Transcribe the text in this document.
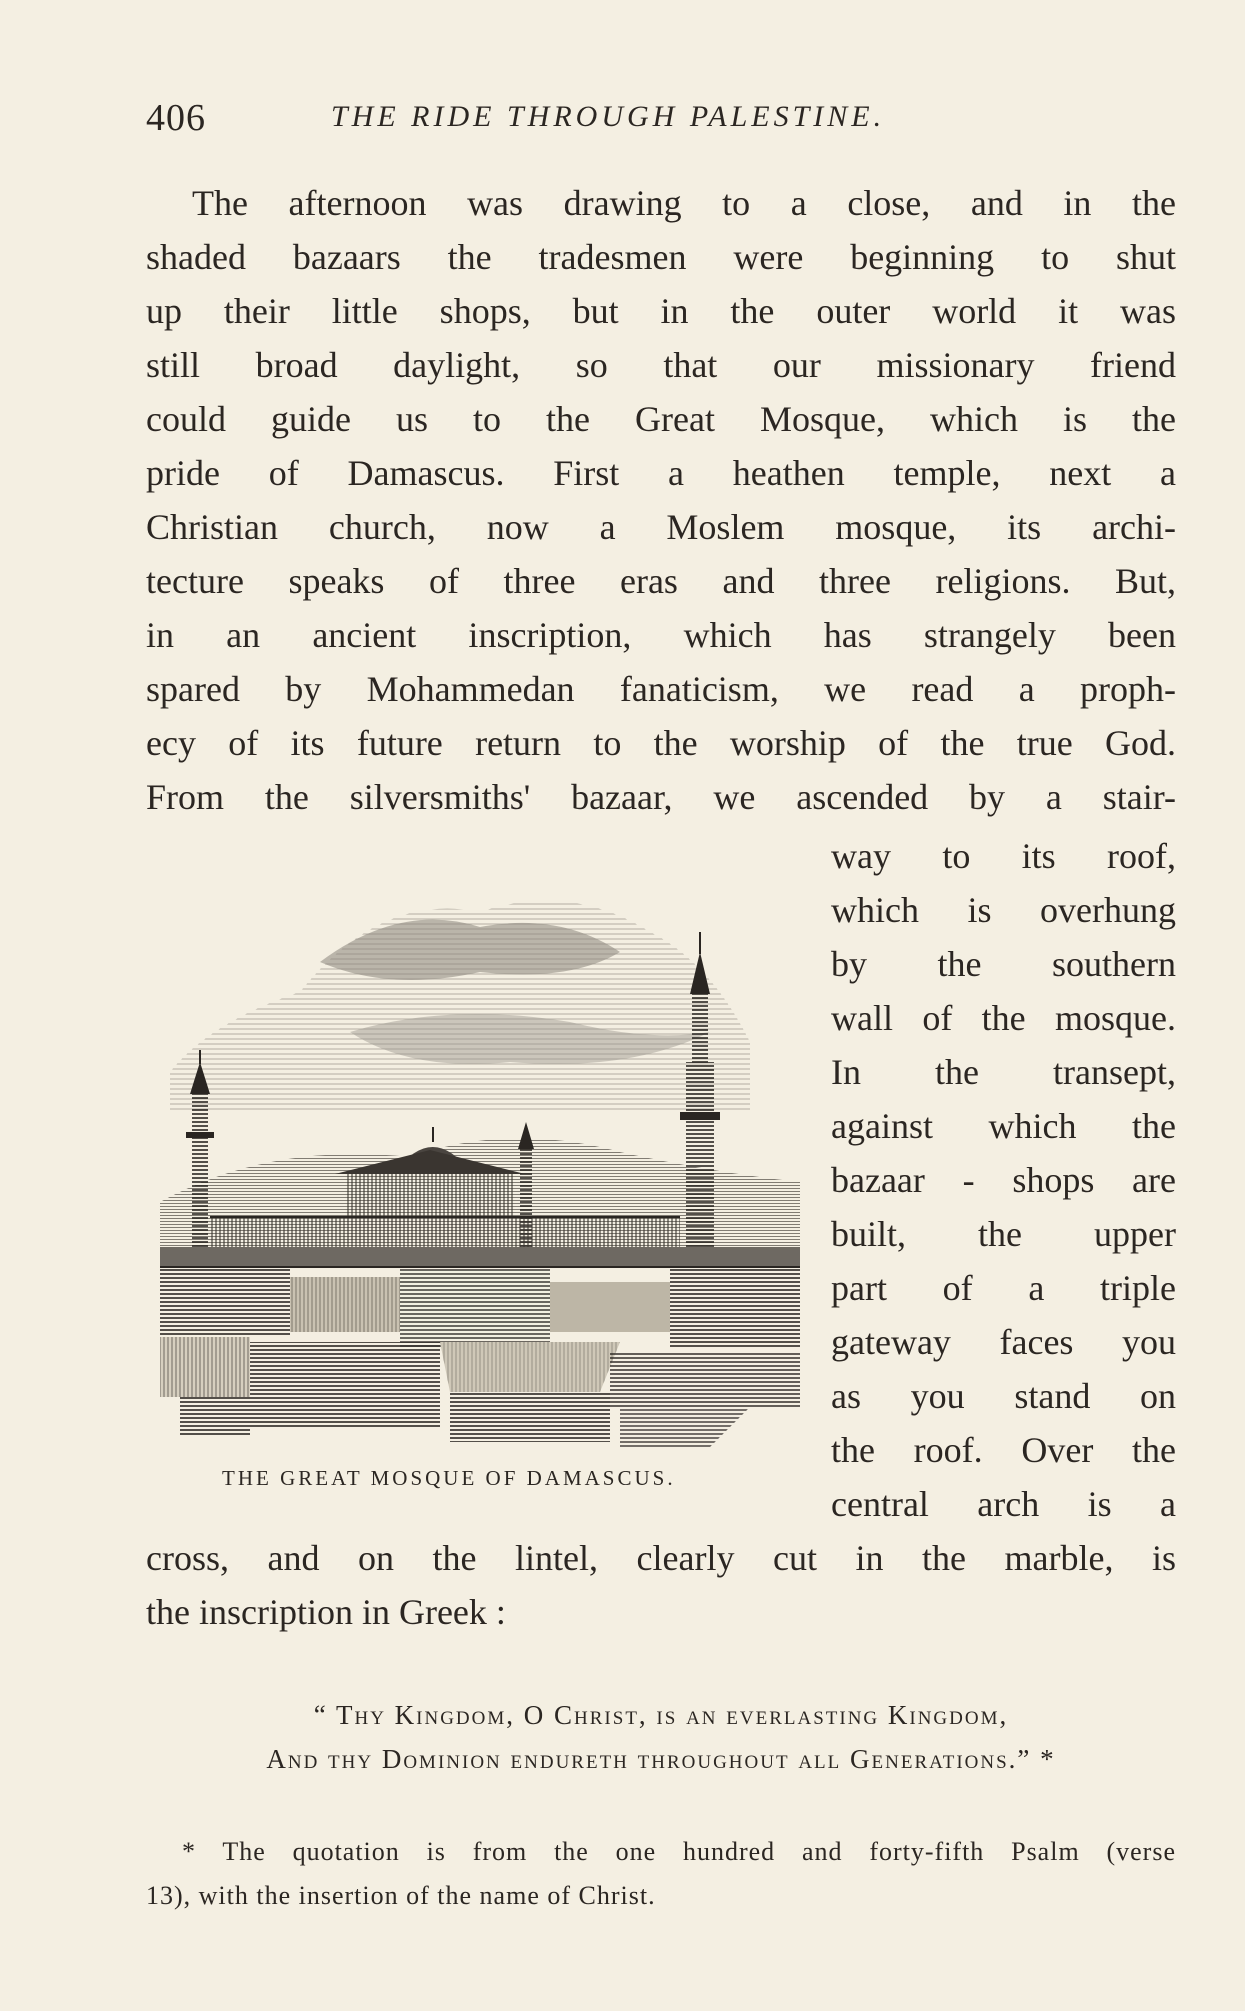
406	THE RIDE THROUGH PALESTINE.
The afternoon was drawing to a close, and in the
shaded bazaars the tradesmen were beginning to shut
up their little shops, but in the outer world it was
still broad daylight, so that our missionary friend
could guide us to the Great Mosque, which is the
pride of Damascus. First a heathen temple, next a
Christian church, now a Moslem mosque, its archi-
tecture speaks of three eras and three religions. But,
in an ancient inscription, which has strangely been
spared by Mohammedan fanaticism, we read a proph-
ecy of its future return to the worship of the true God.
From the silversmiths' bazaar, we ascended by a stair-
way to its roof,
which is overhung
by the southern
wall of the mosque.
In the transept,
against which the
bazaar - shops are
built, the upper
part of a triple
gateway faces you
as you stand on
the roof. Over the
central arch is a
THE GREAT MOSQUE OF DAMASCUS.
cross, and on the lintel, clearly cut in the marble, is
the inscription in Greek :
“ Thy Kingdom, O Christ, is an everlasting Kingdom,
And thy Dominion endureth throughout all Generations.” *
* The quotation is from the one hundred and forty-fifth Psalm (verse
13), with the insertion of the name of Christ.
